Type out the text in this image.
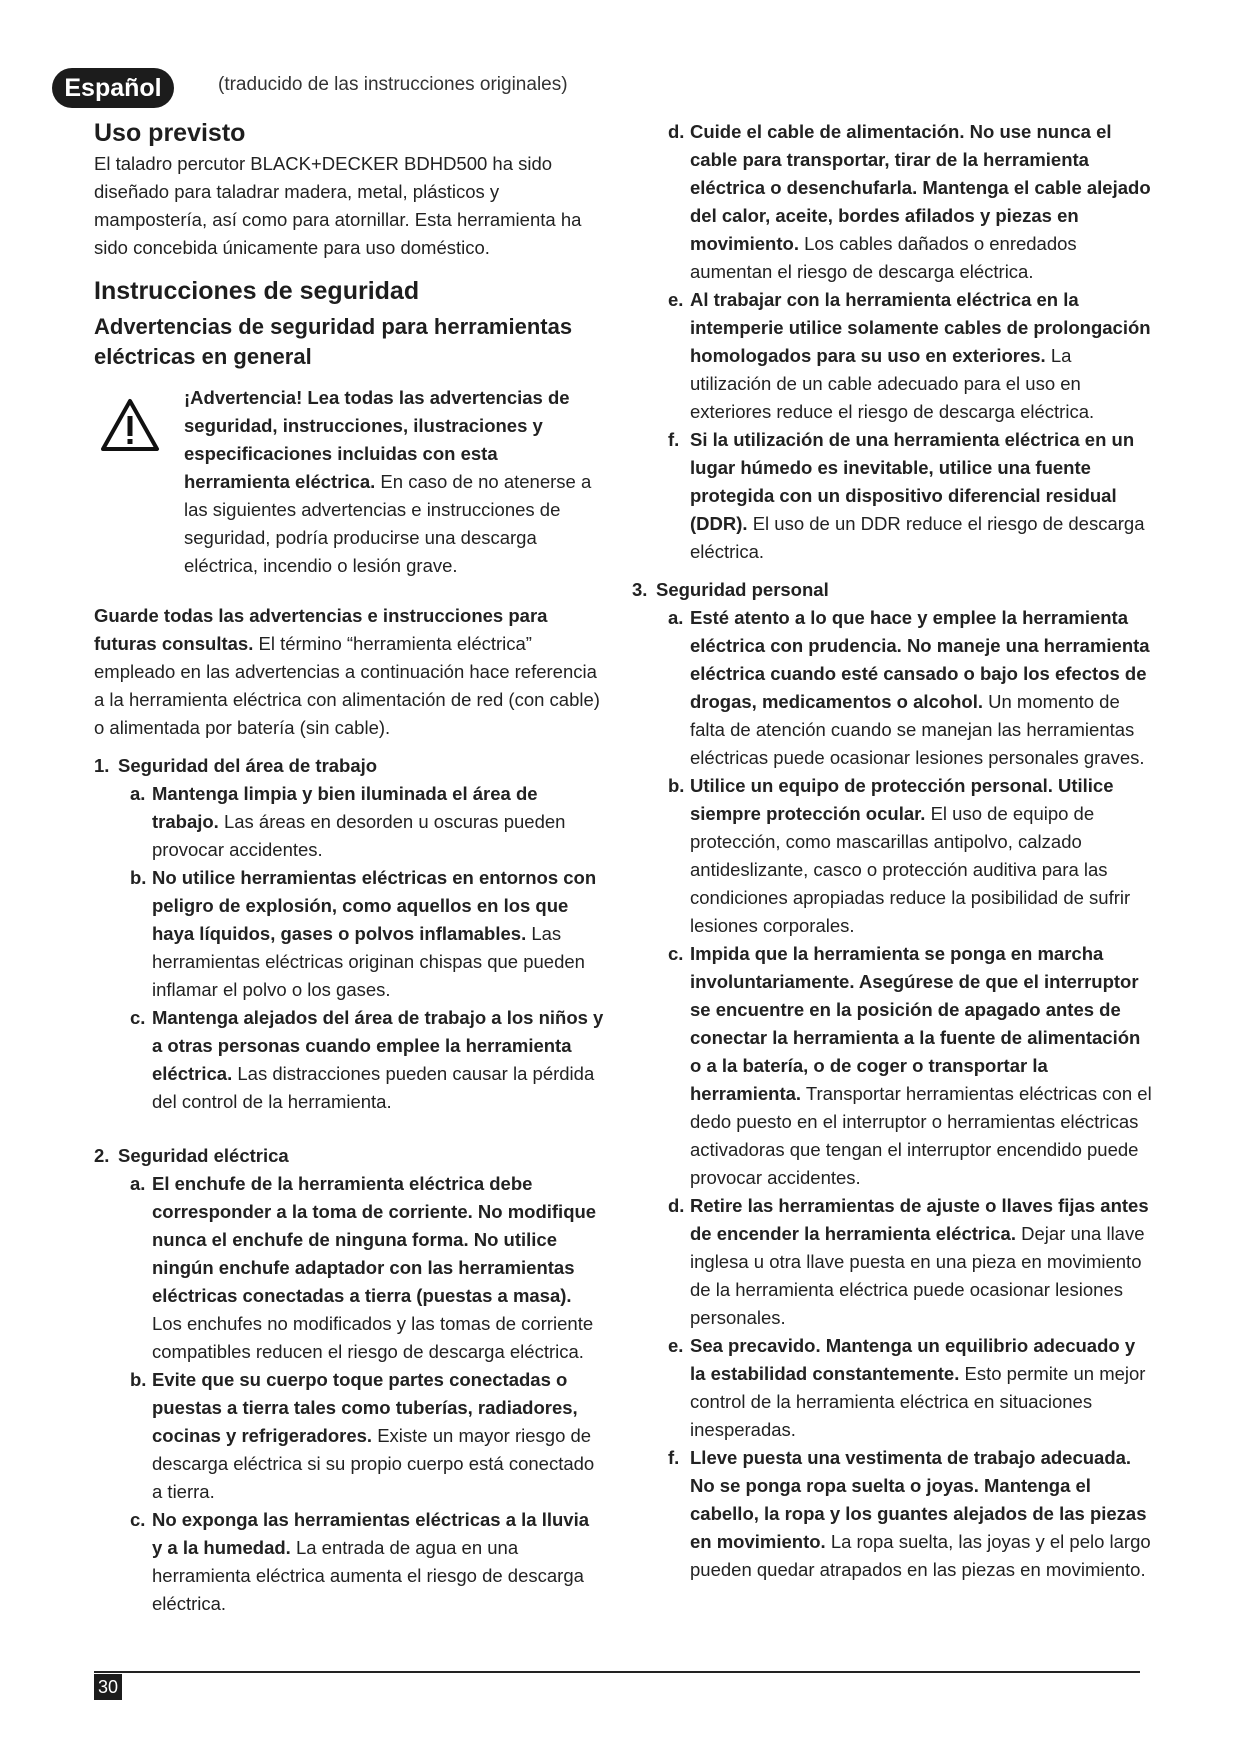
Español	(traducido de las instrucciones originales)
Uso previsto

El taladro percutor BLACK+DECKER BDHD500 ha sido diseñado para taladrar madera, metal, plásticos y mampostería, así como para atornillar. Esta herramienta ha sido concebida únicamente para uso doméstico.

Instrucciones de seguridad
Advertencias de seguridad para herramientas eléctricas en general
¡Advertencia! Lea todas las advertencias de seguridad, instrucciones, ilustraciones y especificaciones incluidas con esta herramienta eléctrica. En caso de no atenerse a las siguientes advertencias e instrucciones de seguridad, podría producirse una descarga eléctrica, incendio o lesión grave.

Guarde todas las advertencias e instrucciones para futuras consultas. El término “herramienta eléctrica” empleado en las advertencias a continuación hace referencia a la herramienta eléctrica con alimentación de red (con cable) o alimentada por batería (sin cable).

1. Seguridad del área de trabajo
a. Mantenga limpia y bien iluminada el área de trabajo. Las áreas en desorden u oscuras pueden provocar accidentes.
b. No utilice herramientas eléctricas en entornos con peligro de explosión, como aquellos en los que haya líquidos, gases o polvos inflamables. Las herramientas eléctricas originan chispas que pueden inflamar el polvo o los gases.
c. Mantenga alejados del área de trabajo a los niños y a otras personas cuando emplee la herramienta eléctrica. Las distracciones pueden causar la pérdida del control de la herramienta.
2. Seguridad eléctrica
a. El enchufe de la herramienta eléctrica debe corresponder a la toma de corriente. No modifique nunca el enchufe de ninguna forma. No utilice ningún enchufe adaptador con las herramientas eléctricas conectadas a tierra (puestas a masa). Los enchufes no modificados y las tomas de corriente compatibles reducen el riesgo de descarga eléctrica.
b. Evite que su cuerpo toque partes conectadas o puestas a tierra tales como tuberías, radiadores, cocinas y refrigeradores. Existe un mayor riesgo de descarga eléctrica si su propio cuerpo está conectado a tierra.
c. No exponga las herramientas eléctricas a la lluvia y a la humedad. La entrada de agua en una herramienta eléctrica aumenta el riesgo de descarga eléctrica.
d. Cuide el cable de alimentación. No use nunca el cable para transportar, tirar de la herramienta eléctrica o desenchufarla. Mantenga el cable alejado del calor, aceite, bordes afilados y piezas en movimiento. Los cables dañados o enredados aumentan el riesgo de descarga eléctrica.
e. Al trabajar con la herramienta eléctrica en la intemperie utilice solamente cables de prolongación homologados para su uso en exteriores. La utilización de un cable adecuado para el uso en exteriores reduce el riesgo de descarga eléctrica.
f. Si la utilización de una herramienta eléctrica en un lugar húmedo es inevitable, utilice una fuente protegida con un dispositivo diferencial residual (DDR). El uso de un DDR reduce el riesgo de descarga eléctrica.
3. Seguridad personal
a. Esté atento a lo que hace y emplee la herramienta eléctrica con prudencia. No maneje una herramienta eléctrica cuando esté cansado o bajo los efectos de drogas, medicamentos o alcohol. Un momento de falta de atención cuando se manejan las herramientas eléctricas puede ocasionar lesiones personales graves.
b. Utilice un equipo de protección personal. Utilice siempre protección ocular. El uso de equipo de protección, como mascarillas antipolvo, calzado antideslizante, casco o protección auditiva para las condiciones apropiadas reduce la posibilidad de sufrir lesiones corporales.
c. Impida que la herramienta se ponga en marcha involuntariamente. Asegúrese de que el interruptor se encuentre en la posición de apagado antes de conectar la herramienta a la fuente de alimentación o a la batería, o de coger o transportar la herramienta. Transportar herramientas eléctricas con el dedo puesto en el interruptor o herramientas eléctricas activadoras que tengan el interruptor encendido puede provocar accidentes.
d. Retire las herramientas de ajuste o llaves fijas antes de encender la herramienta eléctrica. Dejar una llave inglesa u otra llave puesta en una pieza en movimiento de la herramienta eléctrica puede ocasionar lesiones personales.
e. Sea precavido. Mantenga un equilibrio adecuado y la estabilidad constantemente. Esto permite un mejor control de la herramienta eléctrica en situaciones inesperadas.
f. Lleve puesta una vestimenta de trabajo adecuada. No se ponga ropa suelta o joyas. Mantenga el cabello, la ropa y los guantes alejados de las piezas en movimiento. La ropa suelta, las joyas y el pelo largo pueden quedar atrapados en las piezas en movimiento.
30
